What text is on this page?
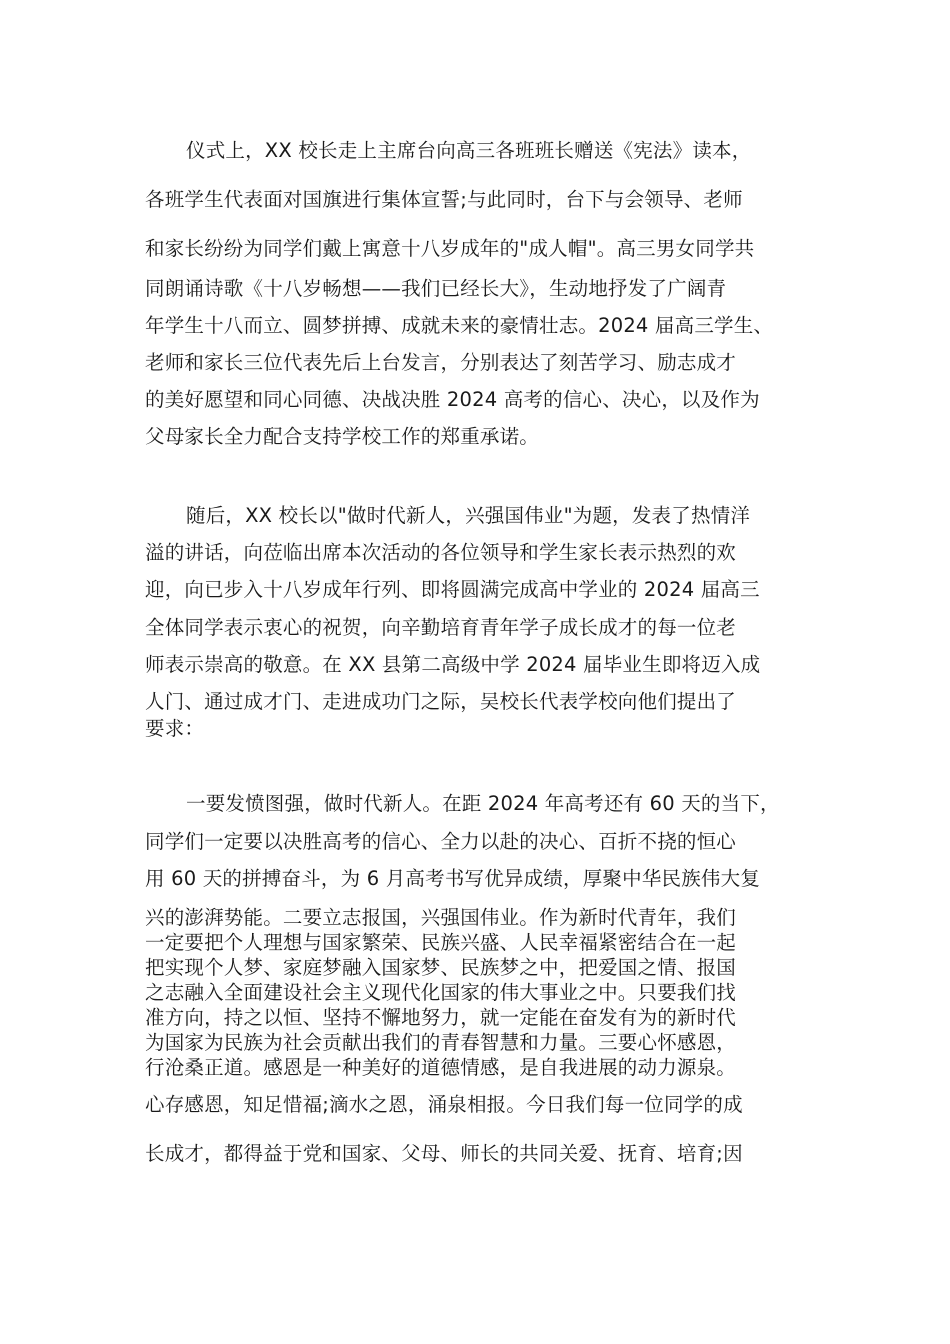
仪式上，XX 校长走上主席台向高三各班班长赠送《宪法》读本，
各班学生代表面对国旗进行集体宣誓;与此同时，台下与会领导、老师
和家长纷纷为同学们戴上寓意十八岁成年的"成人帽"。高三男女同学共
同朗诵诗歌《十八岁畅想——我们已经长大》，生动地抒发了广阔青
年学生十八而立、圆梦拼搏、成就未来的豪情壮志。2024 届高三学生、
老师和家长三位代表先后上台发言，分别表达了刻苦学习、励志成才
的美好愿望和同心同德、决战决胜 2024 高考的信心、决心，以及作为
父母家长全力配合支持学校工作的郑重承诺。
随后，XX 校长以"做时代新人，兴强国伟业"为题，发表了热情洋
溢的讲话，向莅临出席本次活动的各位领导和学生家长表示热烈的欢
迎，向已步入十八岁成年行列、即将圆满完成高中学业的 2024 届高三
全体同学表示衷心的祝贺，向辛勤培育青年学子成长成才的每一位老
师表示崇高的敬意。在 XX 县第二高级中学 2024 届毕业生即将迈入成
人门、通过成才门、走进成功门之际，吴校长代表学校向他们提出了
要求：
一要发愤图强，做时代新人。在距 2024 年高考还有 60 天的当下，
同学们一定要以决胜高考的信心、全力以赴的决心、百折不挠的恒心
用 60 天的拼搏奋斗，为 6 月高考书写优异成绩，厚聚中华民族伟大复
兴的澎湃势能。二要立志报国，兴强国伟业。作为新时代青年，我们
一定要把个人理想与国家繁荣、民族兴盛、人民幸福紧密结合在一起
把实现个人梦、家庭梦融入国家梦、民族梦之中，把爱国之情、报国
之志融入全面建设社会主义现代化国家的伟大事业之中。只要我们找
准方向，持之以恒、坚持不懈地努力，就一定能在奋发有为的新时代
为国家为民族为社会贡献出我们的青春智慧和力量。三要心怀感恩，
行沧桑正道。感恩是一种美好的道德情感，是自我进展的动力源泉。
心存感恩，知足惜福;滴水之恩，涌泉相报。今日我们每一位同学的成
长成才，都得益于党和国家、父母、师长的共同关爱、抚育、培育;因
